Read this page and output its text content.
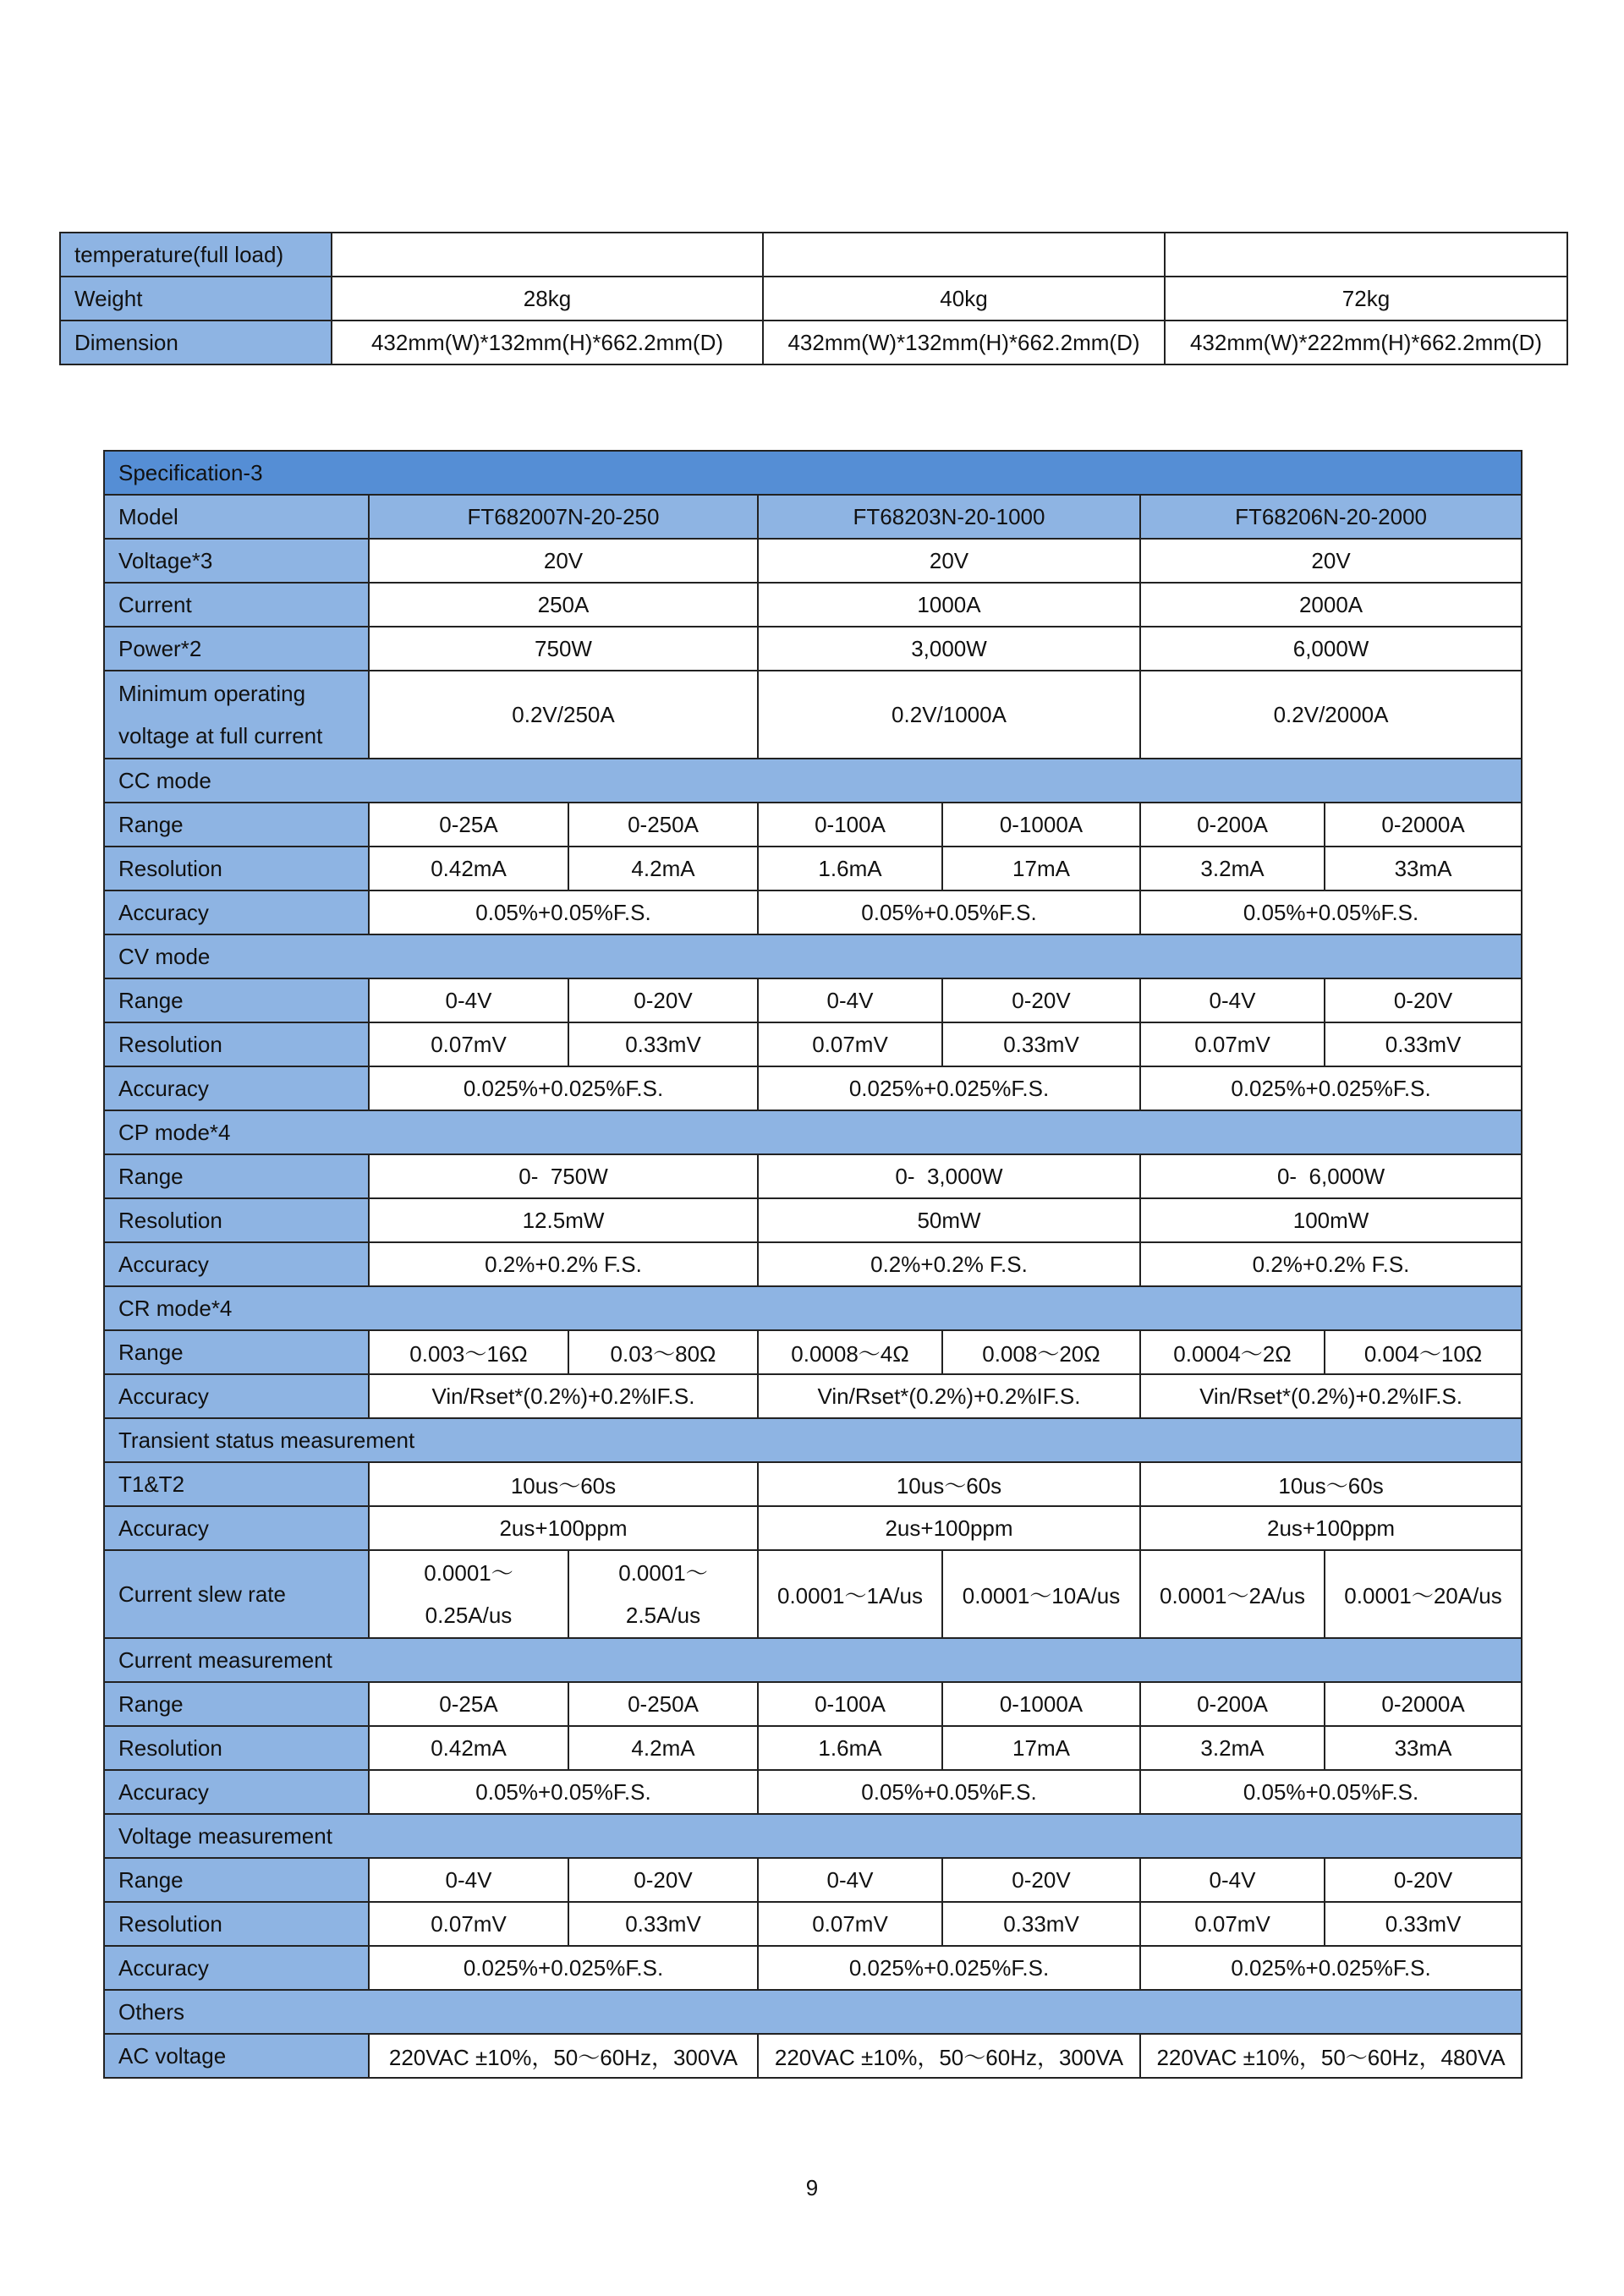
temperature(full load)			
Weight	28kg	40kg	72kg
Dimension	432mm(W)*132mm(H)*662.2mm(D)	432mm(W)*132mm(H)*662.2mm(D)	432mm(W)*222mm(H)*662.2mm(D)
Specification-3						
Model	FT682007N-20-250		FT68203N-20-1000		FT68206N-20-2000	
Voltage*3	20V		20V		20V	
Current	250A		1000A		2000A	
Power*2	750W		3,000W		6,000W	
Minimum operating
voltage at full current	0.2V/250A		0.2V/1000A		0.2V/2000A	
CC mode						
Range	0-25A	0-250A	0-100A	0-1000A	0-200A	0-2000A
Resolution	0.42mA	4.2mA	1.6mA	17mA	3.2mA	33mA
Accuracy	0.05%+0.05%F.S.		0.05%+0.05%F.S.		0.05%+0.05%F.S.	
CV mode						
Range	0-4V	0-20V	0-4V	0-20V	0-4V	0-20V
Resolution	0.07mV	0.33mV	0.07mV	0.33mV	0.07mV	0.33mV
Accuracy	0.025%+0.025%F.S.		0.025%+0.025%F.S.		0.025%+0.025%F.S.	
CP mode*4						
Range	0-  750W		0-  3,000W		0-  6,000W	
Resolution	12.5mW		50mW		100mW	
Accuracy	0.2%+0.2% F.S.		0.2%+0.2% F.S.		0.2%+0.2% F.S.	
CR mode*4						
Range	0.003～16Ω	0.03～80Ω	0.0008～4Ω	0.008～20Ω	0.0004～2Ω	0.004～10Ω
Accuracy	Vin/Rset*(0.2%)+0.2%IF.S.		Vin/Rset*(0.2%)+0.2%IF.S.		Vin/Rset*(0.2%)+0.2%IF.S.	
Transient status measurement						
T1&T2	10us～60s		10us～60s		10us～60s	
Accuracy	2us+100ppm		2us+100ppm		2us+100ppm	
Current slew rate	0.0001～ 0.25A/us	0.0001～ 2.5A/us	0.0001～1A/us	0.0001～10A/us	0.0001～2A/us	0.0001～20A/us
Current measurement						
Range	0-25A	0-250A	0-100A	0-1000A	0-200A	0-2000A
Resolution	0.42mA	4.2mA	1.6mA	17mA	3.2mA	33mA
Accuracy	0.05%+0.05%F.S.		0.05%+0.05%F.S.		0.05%+0.05%F.S.	
Voltage measurement						
Range	0-4V	0-20V	0-4V	0-20V	0-4V	0-20V
Resolution	0.07mV	0.33mV	0.07mV	0.33mV	0.07mV	0.33mV
Accuracy	0.025%+0.025%F.S.		0.025%+0.025%F.S.		0.025%+0.025%F.S.	
Others						
AC voltage	220VAC ±10%，50～60Hz，300VA		220VAC ±10%，50～60Hz，300VA		220VAC ±10%，50～60Hz，480VA	
9
